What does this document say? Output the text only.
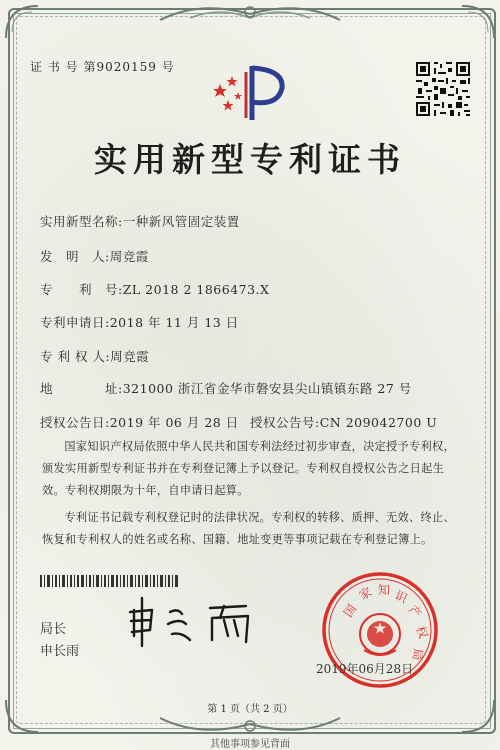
证 书 号 第9020159 号
实用新型专利证书
实用新型名称:一种新风管固定装置
发　明　人:周竞霞
专　　利　号:ZL 2018 2 1866473.X
专利申请日:2018 年 11 月 13 日
专 利 权 人:周竞霞
地　　　　址:321000 浙江省金华市磐安县尖山镇镇东路 27 号
授权公告日:2019 年 06 月 28 日 授权公告号:CN 209042700 U
国家知识产权局依照中华人民共和国专利法经过初步审查，决定授予专利权，颁发实用新型专利证书并在专利登记簿上予以登记。专利权自授权公告之日起生效。专利权期限为十年，自申请日起算。
专利证书记载专利权登记时的法律状况。专利权的转移、质押、无效、终止、恢复和专利权人的姓名或名称、国籍、地址变更等事项记载在专利登记簿上。
局长
申长雨
国
家 知 识
产
权
局
2019年06月28日
第 1 页（共 2 页）
其他事项参见背面
